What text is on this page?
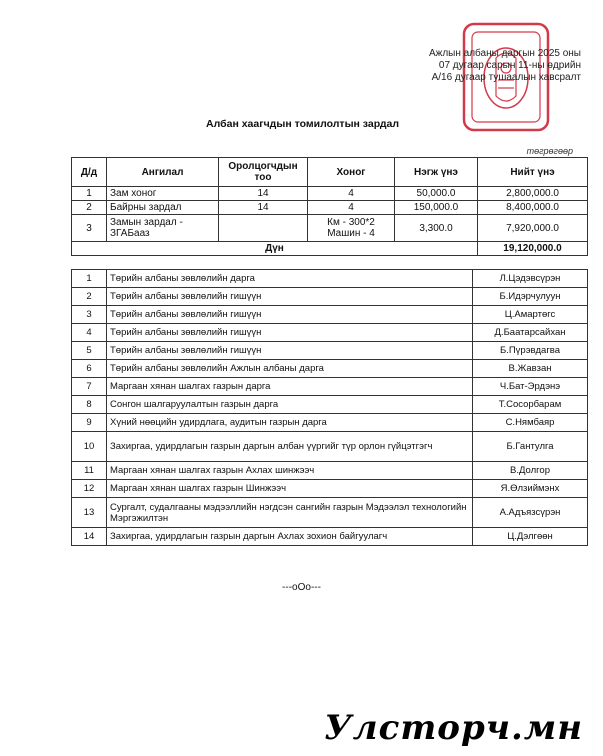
Ажлын албаны даргын 2025 оны
07 дугаар сарын 11-ны өдрийн
A/16 дугаар тушаалын хавсралт
Албан хаагчдын томилолтын зардал
төгрөгөөр
Д/д	Ангилал	Оролцогчдын тоо	Хоног	Нэгж үнэ	Нийт үнэ
1	Зам хоног	14	4	50,000.0	2,800,000.0
2	Байрны зардал	14	4	150,000.0	8,400,000.0
3	Замын зардал - ЗГАБааз		Км - 300*2 Машин - 4	3,300.0	7,920,000.0
Дүн					19,120,000.0
1	Төрийн албаны зөвлөлийн дарга	Л.Цэдэвсүрэн
2	Төрийн албаны зөвлөлийн гишүүн	Б.Идэрчулуун
3	Төрийн албаны зөвлөлийн гишүүн	Ц.Амартөгс
4	Төрийн албаны зөвлөлийн гишүүн	Д.Баатарсайхан
5	Төрийн албаны зөвлөлийн гишүүн	Б.Пүрэвдагва
6	Төрийн албаны зөвлөлийн Ажлын албаны дарга	В.Жавзан
7	Маргаан хянан шалгах газрын дарга	Ч.Бат-Эрдэнэ
8	Сонгон шалгаруулалтын газрын дарга	Т.Сосорбарам
9	Хүний нөөцийн удирдлага, аудитын газрын дарга	С.Нямбаяр
10	Захиргаа, удирдлагын газрын даргын албан үүргийг түр орлон гүйцэтгэгч	Б.Гантулга
11	Маргаан хянан шалгах газрын Ахлах шинжээч	В.Долгор
12	Маргаан хянан шалгах газрын Шинжээч	Я.Өлзиймэнх
13	Сургалт, судалгааны мэдээллийн нэгдсэн сангийн газрын Мэдээлэл технологийн Мэргэжилтэн	А.Адъязсүрэн
14	Захиргаа, удирдлагын газрын даргын Ахлах зохион байгуулагч	Ц.Дэлгөөн
---oOo---
Улсторч.мн
